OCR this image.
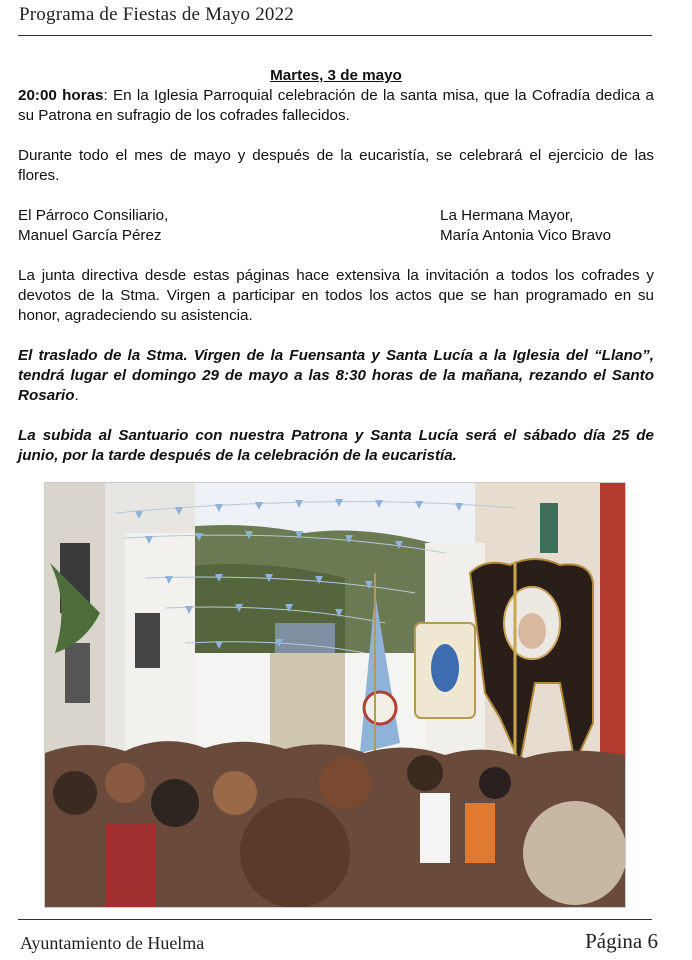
Programa de Fiestas de Mayo 2022

Martes, 3 de mayo

20:00 horas: En la Iglesia Parroquial celebración de la santa misa, que la Cofradía dedica a su Patrona en sufragio de los cofrades fallecidos.

Durante todo el mes de mayo y después de la eucaristía, se celebrará el ejercicio de las flores.

El Párroco Consiliario,

Manuel García Pérez

La Hermana Mayor,

María Antonia Vico Bravo

La junta directiva desde estas páginas hace extensiva la invitación a todos los cofrades y devotos de la Stma. Virgen a participar en todos los actos que se han programado en su honor, agradeciendo su asistencia.

El traslado de la Stma. Virgen de la Fuensanta y Santa Lucía a la Iglesia del “Llano”, tendrá lugar el domingo 29 de mayo a las 8:30 horas de la mañana, rezando el Santo Rosario.

La subida al Santuario con nuestra Patrona y Santa Lucía será el sábado día 25 de junio, por la tarde después de la celebración de la eucaristía.

Ayuntamiento de Huelma	Página 6
